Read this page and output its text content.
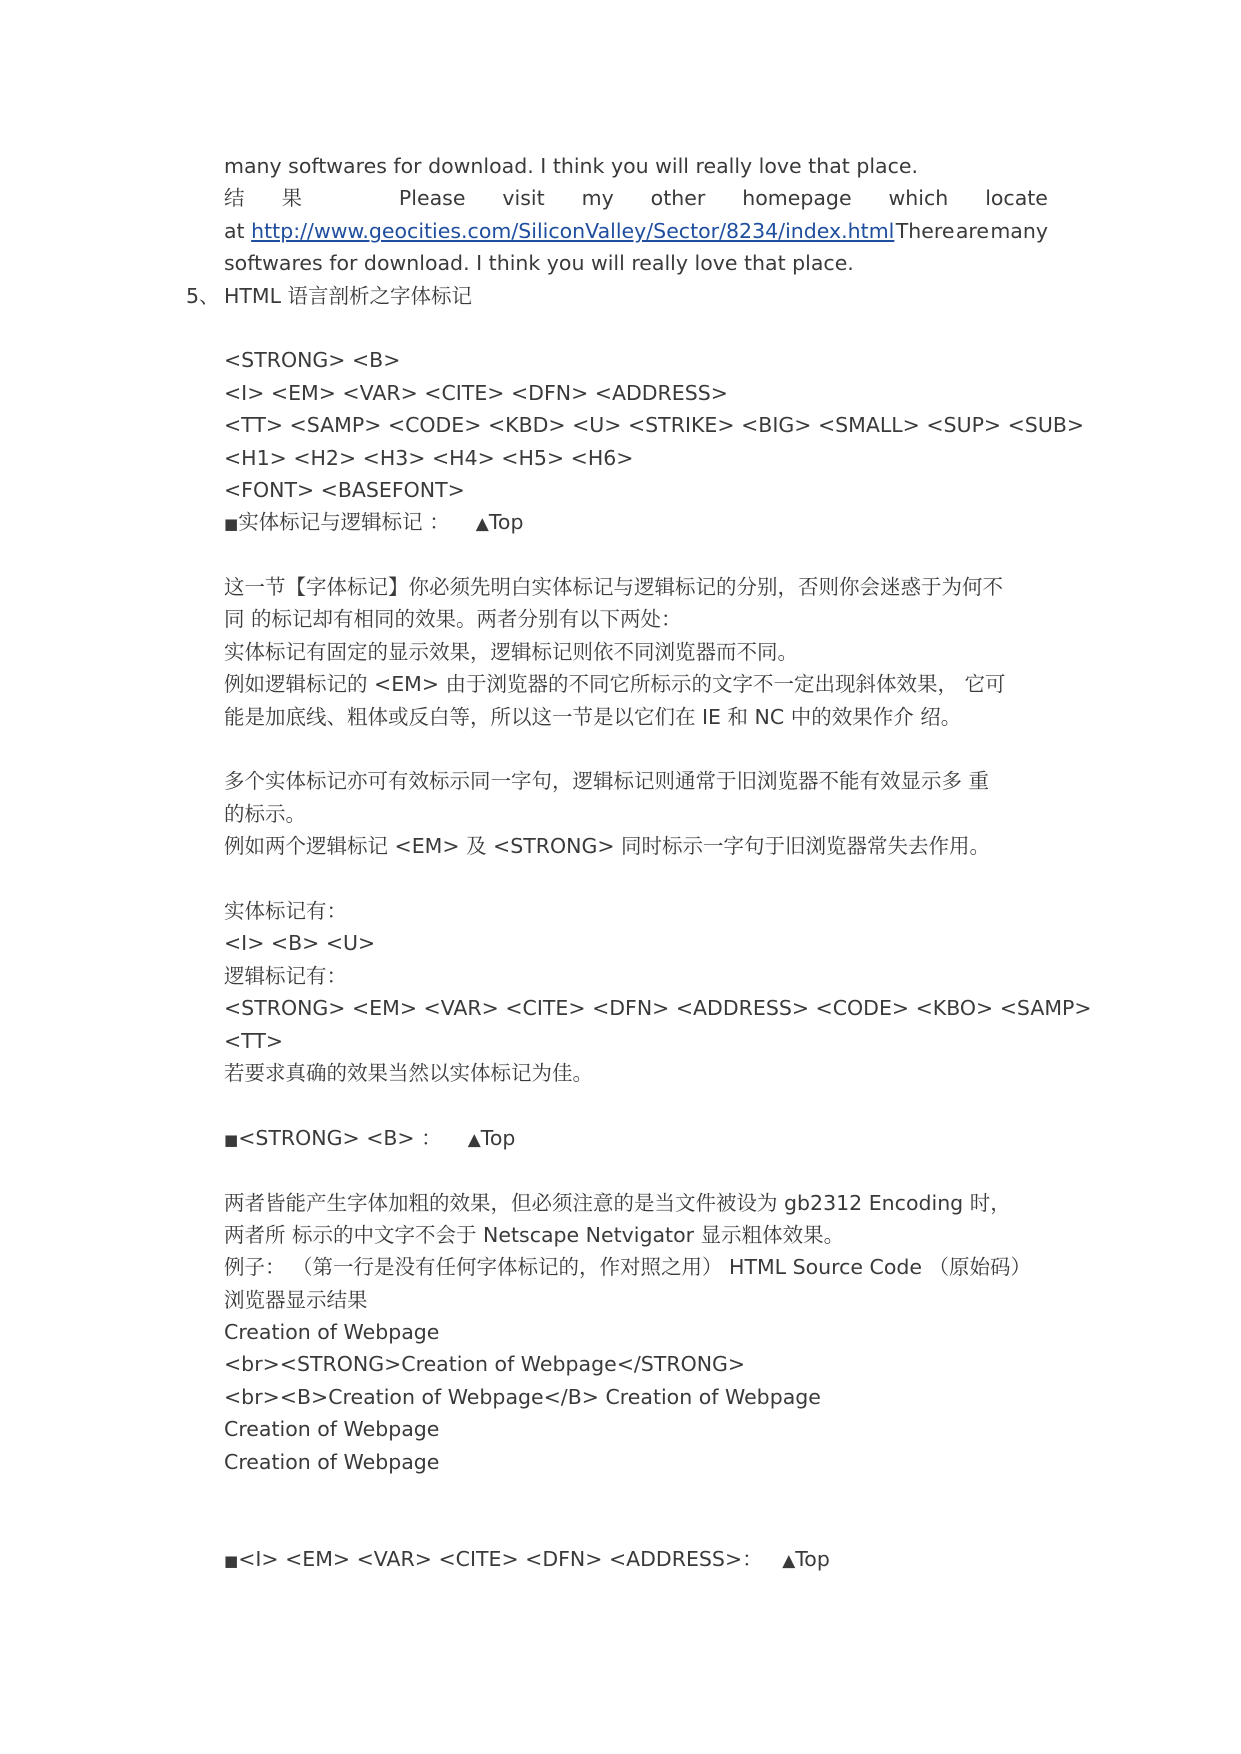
many softwares for download. I think you will really love that place.
结 果	Please visit my other homepage which locate
at http://www.geocities.com/SiliconValley/Sector/8234/index.html There are many
softwares for download. I think you will really love that place.
5、 HTML 语言剖析之字体标记
<STRONG> <B>
<I> <EM> <VAR> <CITE> <DFN> <ADDRESS>
<TT> <SAMP> <CODE> <KBD> <U> <STRIKE> <BIG> <SMALL> <SUP> <SUB>
<H1> <H2> <H3> <H4> <H5> <H6>
<FONT> <BASEFONT>
■实体标记与逻辑标记 ： ▲Top
这一节【字体标记】你必须先明白实体标记与逻辑标记的分别，否则你会迷惑于为何不
同 的标记却有相同的效果。两者分别有以下两处：
实体标记有固定的显示效果，逻辑标记则依不同浏览器而不同。
例如逻辑标记的 <EM> 由于浏览器的不同它所标示的文字不一定出现斜体效果， 它可
能是加底线、粗体或反白等，所以这一节是以它们在 IE 和 NC 中的效果作介 绍。
多个实体标记亦可有效标示同一字句，逻辑标记则通常于旧浏览器不能有效显示多 重
的标示。
例如两个逻辑标记 <EM> 及 <STRONG> 同时标示一字句于旧浏览器常失去作用。
实体标记有：
<I> <B> <U>
逻辑标记有：
<STRONG> <EM> <VAR> <CITE> <DFN> <ADDRESS> <CODE> <KBO> <SAMP>
<TT>
若要求真确的效果当然以实体标记为佳。
■<STRONG> <B> ： ▲Top
两者皆能产生字体加粗的效果，但必须注意的是当文件被设为 gb2312 Encoding 时，
两者所 标示的中文字不会于 Netscape Netvigator 显示粗体效果。
例子： （第一行是没有任何字体标记的，作对照之用） HTML Source Code （原始码）
浏览器显示结果
Creation of Webpage
<br><STRONG>Creation of Webpage</STRONG>
<br><B>Creation of Webpage</B> Creation of Webpage
Creation of Webpage
Creation of Webpage
■<I> <EM> <VAR> <CITE> <DFN> <ADDRESS>： ▲Top
